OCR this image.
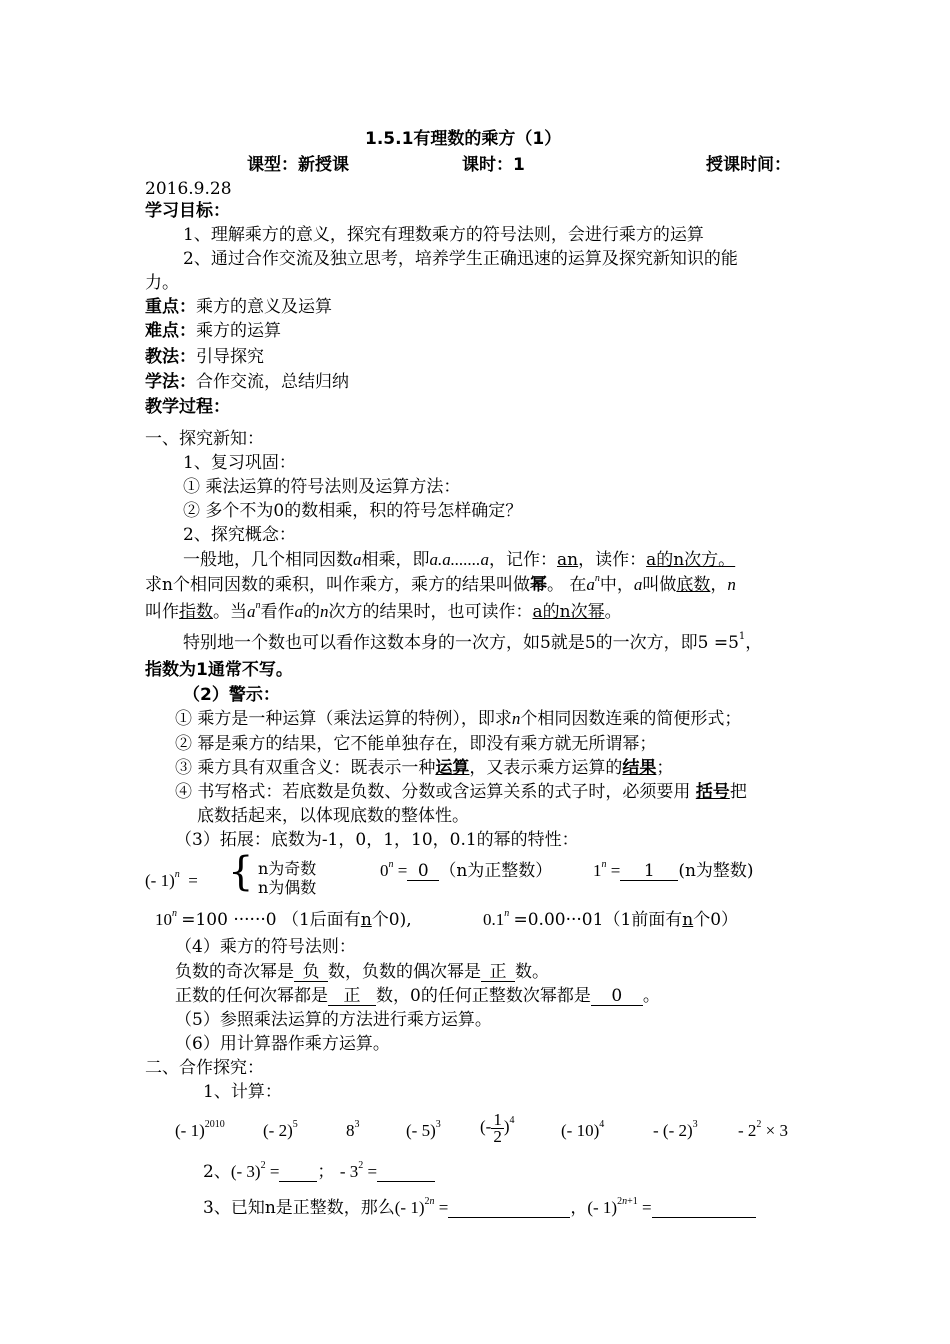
1.5.1有理数的乘方（1）
课型：新授课	课时：1	授课时间：
2016.9.28
学习目标：
1、理解乘方的意义，探究有理数乘方的符号法则，会进行乘方的运算
2、通过合作交流及独立思考，培养学生正确迅速的运算及探究新知识的能
力。
重点：乘方的意义及运算
难点：乘方的运算
教法：引导探究
学法：合作交流，总结归纳
教学过程：
一、探究新知：
1、复习巩固：
① 乘法运算的符号法则及运算方法：
② 多个不为0的数相乘，积的符号怎样确定？
2、探究概念：
一般地，几个相同因数a相乘，即a.a.......a，记作：an，读作：a的n次方。
求n个相同因数的乘积，叫作乘方，乘方的结果叫做幂。 在$a^n$中，a叫做底数，n
叫作指数。当$a^n$看作a的n次方的结果时，也可读作：a的n次幂。
特别地一个数也可以看作这数本身的一次方，如5就是5的一次方，即$5 =5^1$，
指数为1通常不写。
（2）警示：
① 乘方是一种运算（乘法运算的特例），即求n个相同因数连乘的简便形式；
② 幂是乘方的结果，它不能单独存在，即没有乘方就无所谓幂；
③ 乘方具有双重含义：既表示一种运算，又表示乘方运算的结果；
④ 书写格式：若底数是负数、分数或含运算关系的式子时，必须要用 括号把
底数括起来，以体现底数的整体性。
（3）拓展：底数为-1，0，1，10，0.1的幂的特性：
(- 1)$^n$  = { n为奇数
n为偶数
$0^n = 0$ （n为正整数） $1^n = 1$ (n为整数)
$10^n =100 \cdot\cdot\cdot\cdot\cdot\cdot 0$ （1后面有n个0),	$0.1^n =0.00\cdot\cdot\cdot 01(1$前面有n个0）
（4）乘方的符号法则：
负数的奇次幂是 负 数，负数的偶次幂是 正 数。
正数的任何次幂都是 正 数，0的任何正整数次幂都是 0 。
（5）参照乘法运算的方法进行乘方运算。
（6）用计算器作乘方运算。
二、合作探究：
1、计算：
(- 1)$^{2010}$ (- 2)$^5$	$8^3$	(- 5)$^3$ (- $\frac{1}{2} )^4$
(- 10)$^4$	- (- $2)^3 - 2^2 \times 3$
2、(- 3)$^2$ = ； - $3^2$ =
3、已知n是正整数，那么(- 1)$^{2n}$ =	，(- 1)$^{2n+1}$ =
